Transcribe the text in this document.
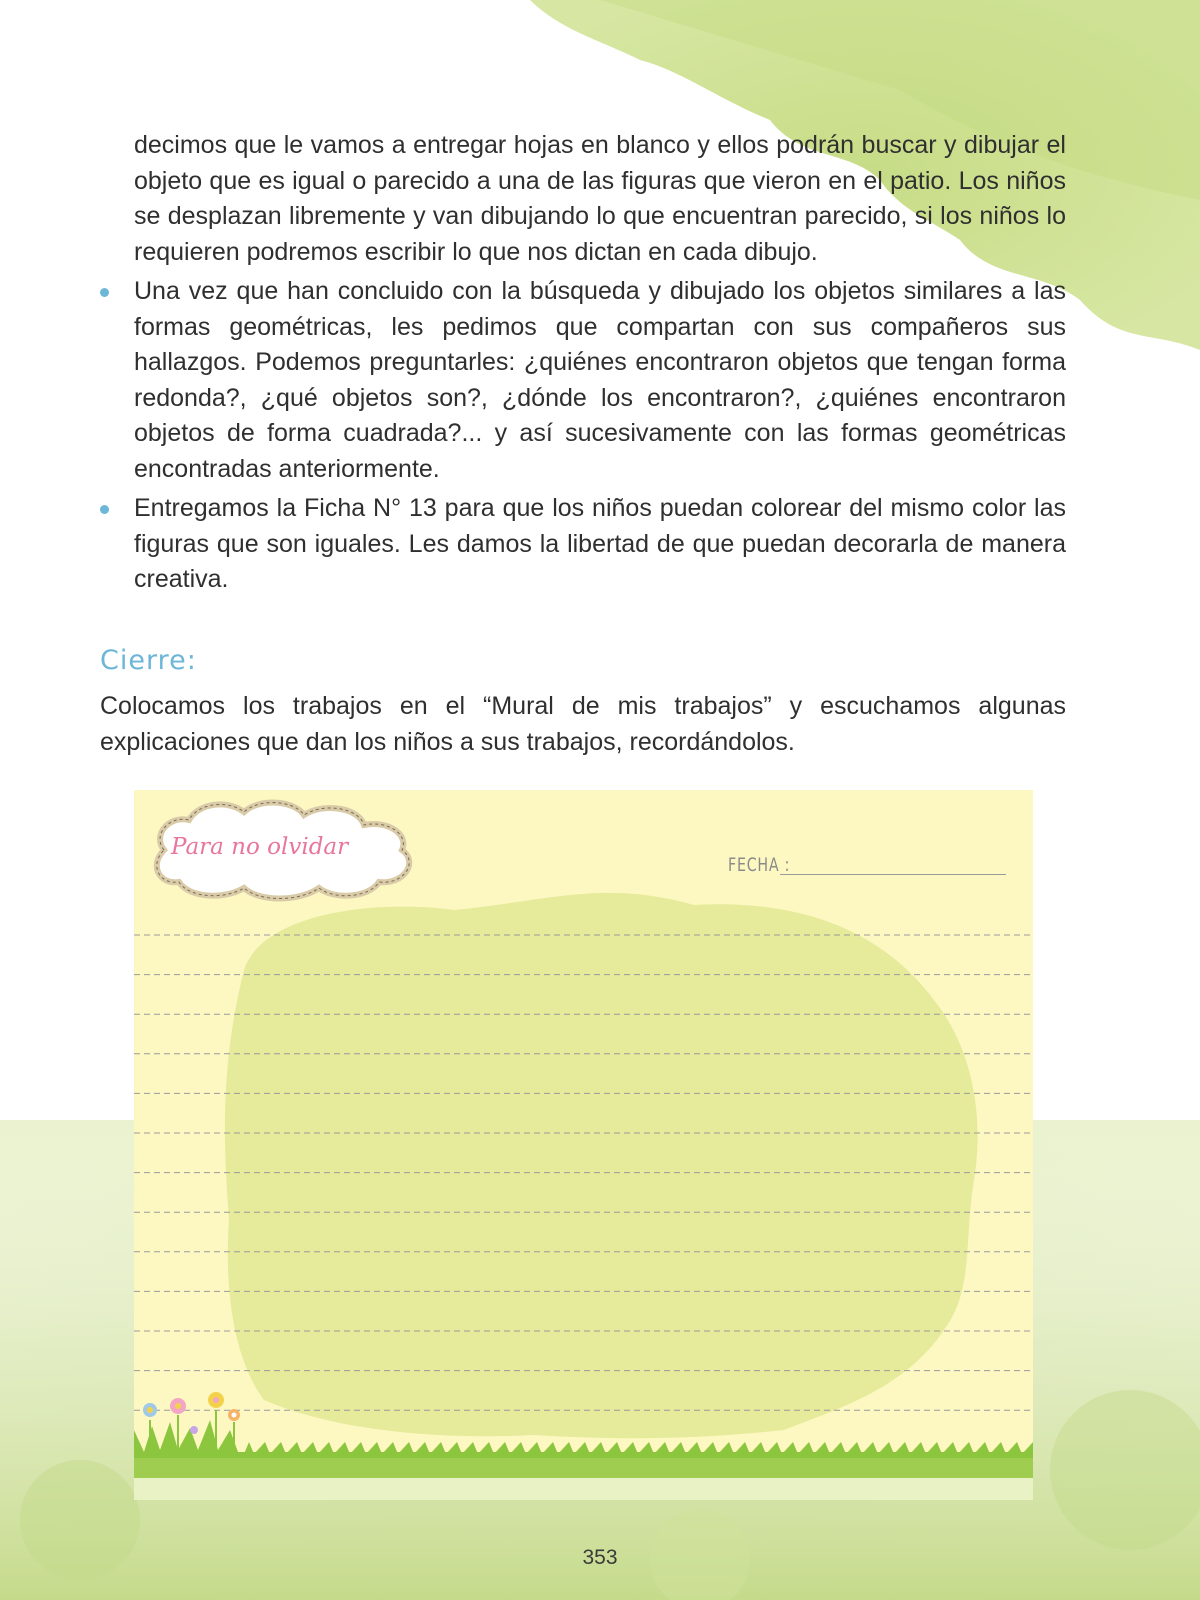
decimos que le vamos a entregar hojas en blanco y ellos podrán buscar y dibujar el objeto que es igual o parecido a una de las figuras que vieron en el patio. Los niños se desplazan libremente y van dibujando lo que encuentran parecido, si los niños lo requieren podremos escribir lo que nos dictan en cada dibujo.

Una vez que han concluido con la búsqueda y dibujado los objetos similares a las formas geométricas, les pedimos que compartan con sus compañeros sus hallazgos. Podemos preguntarles: ¿quiénes encontraron objetos que tengan forma redonda?, ¿qué objetos son?, ¿dónde los encontraron?, ¿quiénes encontraron objetos de forma cuadrada?... y así sucesivamente con las formas geométricas encontradas anteriormente.
Entregamos la Ficha N° 13 para que los niños puedan colorear del mismo color las figuras que son iguales. Les damos la libertad de que puedan decorarla de manera creativa.
Cierre:

Colocamos los trabajos en el “Mural de mis trabajos” y escuchamos algunas explicaciones que dan los niños a sus trabajos, recordándolos.

Para no olvidar
FECHA :
353
